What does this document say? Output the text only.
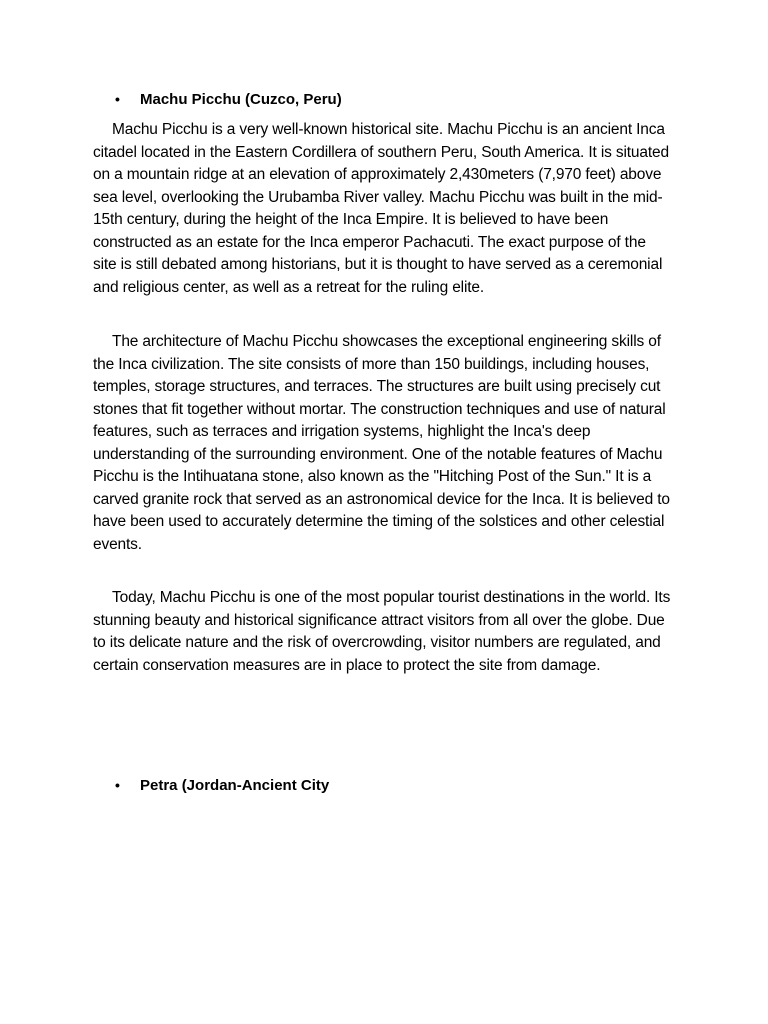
• Machu Picchu (Cuzco, Peru)

Machu Picchu is a very well-known historical site. Machu Picchu is an ancient Inca citadel located in the Eastern Cordillera of southern Peru, South America. It is situated on a mountain ridge at an elevation of approximately 2,430meters (7,970 feet) above sea level, overlooking the Urubamba River valley. Machu Picchu was built in the mid-15th century, during the height of the Inca Empire. It is believed to have been constructed as an estate for the Inca emperor Pachacuti. The exact purpose of the site is still debated among historians, but it is thought to have served as a ceremonial and religious center, as well as a retreat for the ruling elite.

The architecture of Machu Picchu showcases the exceptional engineering skills of the Inca civilization. The site consists of more than 150 buildings, including houses, temples, storage structures, and terraces. The structures are built using precisely cut stones that fit together without mortar. The construction techniques and use of natural features, such as terraces and irrigation systems, highlight the Inca's deep understanding of the surrounding environment. One of the notable features of Machu Picchu is the Intihuatana stone, also known as the "Hitching Post of the Sun." It is a carved granite rock that served as an astronomical device for the Inca. It is believed to have been used to accurately determine the timing of the solstices and other celestial events.

Today, Machu Picchu is one of the most popular tourist destinations in the world. Its stunning beauty and historical significance attract visitors from all over the globe. Due to its delicate nature and the risk of overcrowding, visitor numbers are regulated, and certain conservation measures are in place to protect the site from damage.

• Petra (Jordan-Ancient City
